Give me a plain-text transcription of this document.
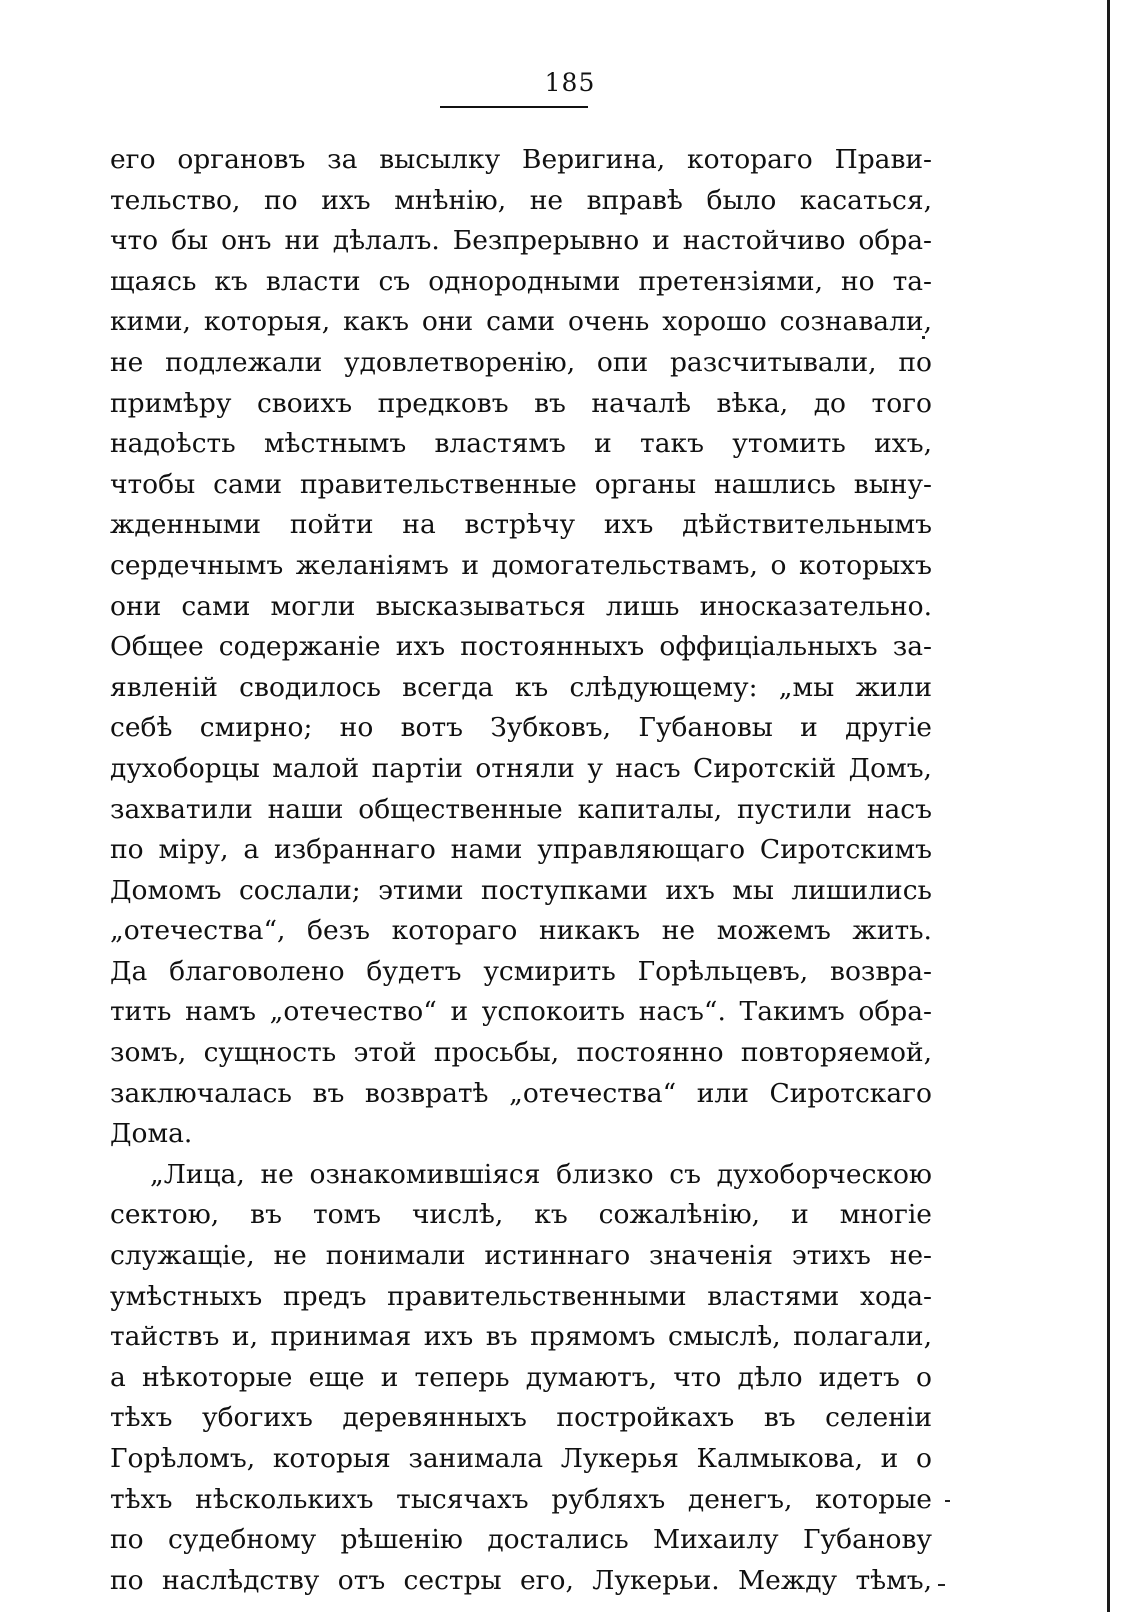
185
его органовъ за высылку Веригина, котораго Прави-
тельство, по ихъ мнѣнію, не вправѣ было касаться,
что бы онъ ни дѣлалъ. Безпрерывно и настойчиво обра-
щаясь къ власти съ однородными претензіями, но та-
кими, которыя, какъ они сами очень хорошо сознавали,
не подлежали удовлетворенію, опи разсчитывали, по
примѣру своихъ предковъ въ началѣ вѣка, до того
надоѣсть мѣстнымъ властямъ и такъ утомить ихъ,
чтобы сами правительственные органы нашлись выну-
жденными пойти на встрѣчу ихъ дѣйствительнымъ
сердечнымъ желаніямъ и домогательствамъ, о которыхъ
они сами могли высказываться лишь иносказательно.
Общее содержаніе ихъ постоянныхъ оффиціальныхъ за-
явленій сводилось всегда къ слѣдующему: „мы жили
себѣ смирно; но вотъ Зубковъ, Губановы и другіе
духоборцы малой партіи отняли у насъ Сиротскій Домъ,
захватили наши общественные капиталы, пустили насъ
по міру, а избраннаго нами управляющаго Сиротскимъ
Домомъ сослали; этими поступками ихъ мы лишились
„отечества“, безъ котораго никакъ не можемъ жить.
Да благоволено будетъ усмирить Горѣльцевъ, возвра-
тить намъ „отечество“ и успокоить насъ“. Такимъ обра-
зомъ, сущность этой просьбы, постоянно повторяемой,
заключалась въ возвратѣ „отечества“ или Сиротскаго
Дома.
„Лица, не ознакомившіяся близко съ духоборческою
сектою, въ томъ числѣ, къ сожалѣнію, и многіе
служащіе, не понимали истиннаго значенія этихъ не-
умѣстныхъ предъ правительственными властями хода-
тайствъ и, принимая ихъ въ прямомъ смыслѣ, полагали,
а нѣкоторые еще и теперь думаютъ, что дѣло идетъ о
тѣхъ убогихъ деревянныхъ постройкахъ въ селеніи
Горѣломъ, которыя занимала Лукерья Калмыкова, и о
тѣхъ нѣсколькихъ тысячахъ рубляхъ денегъ, которые
по судебному рѣшенію достались Михаилу Губанову
по наслѣдству отъ сестры его, Лукерьи. Между тѣмъ,
